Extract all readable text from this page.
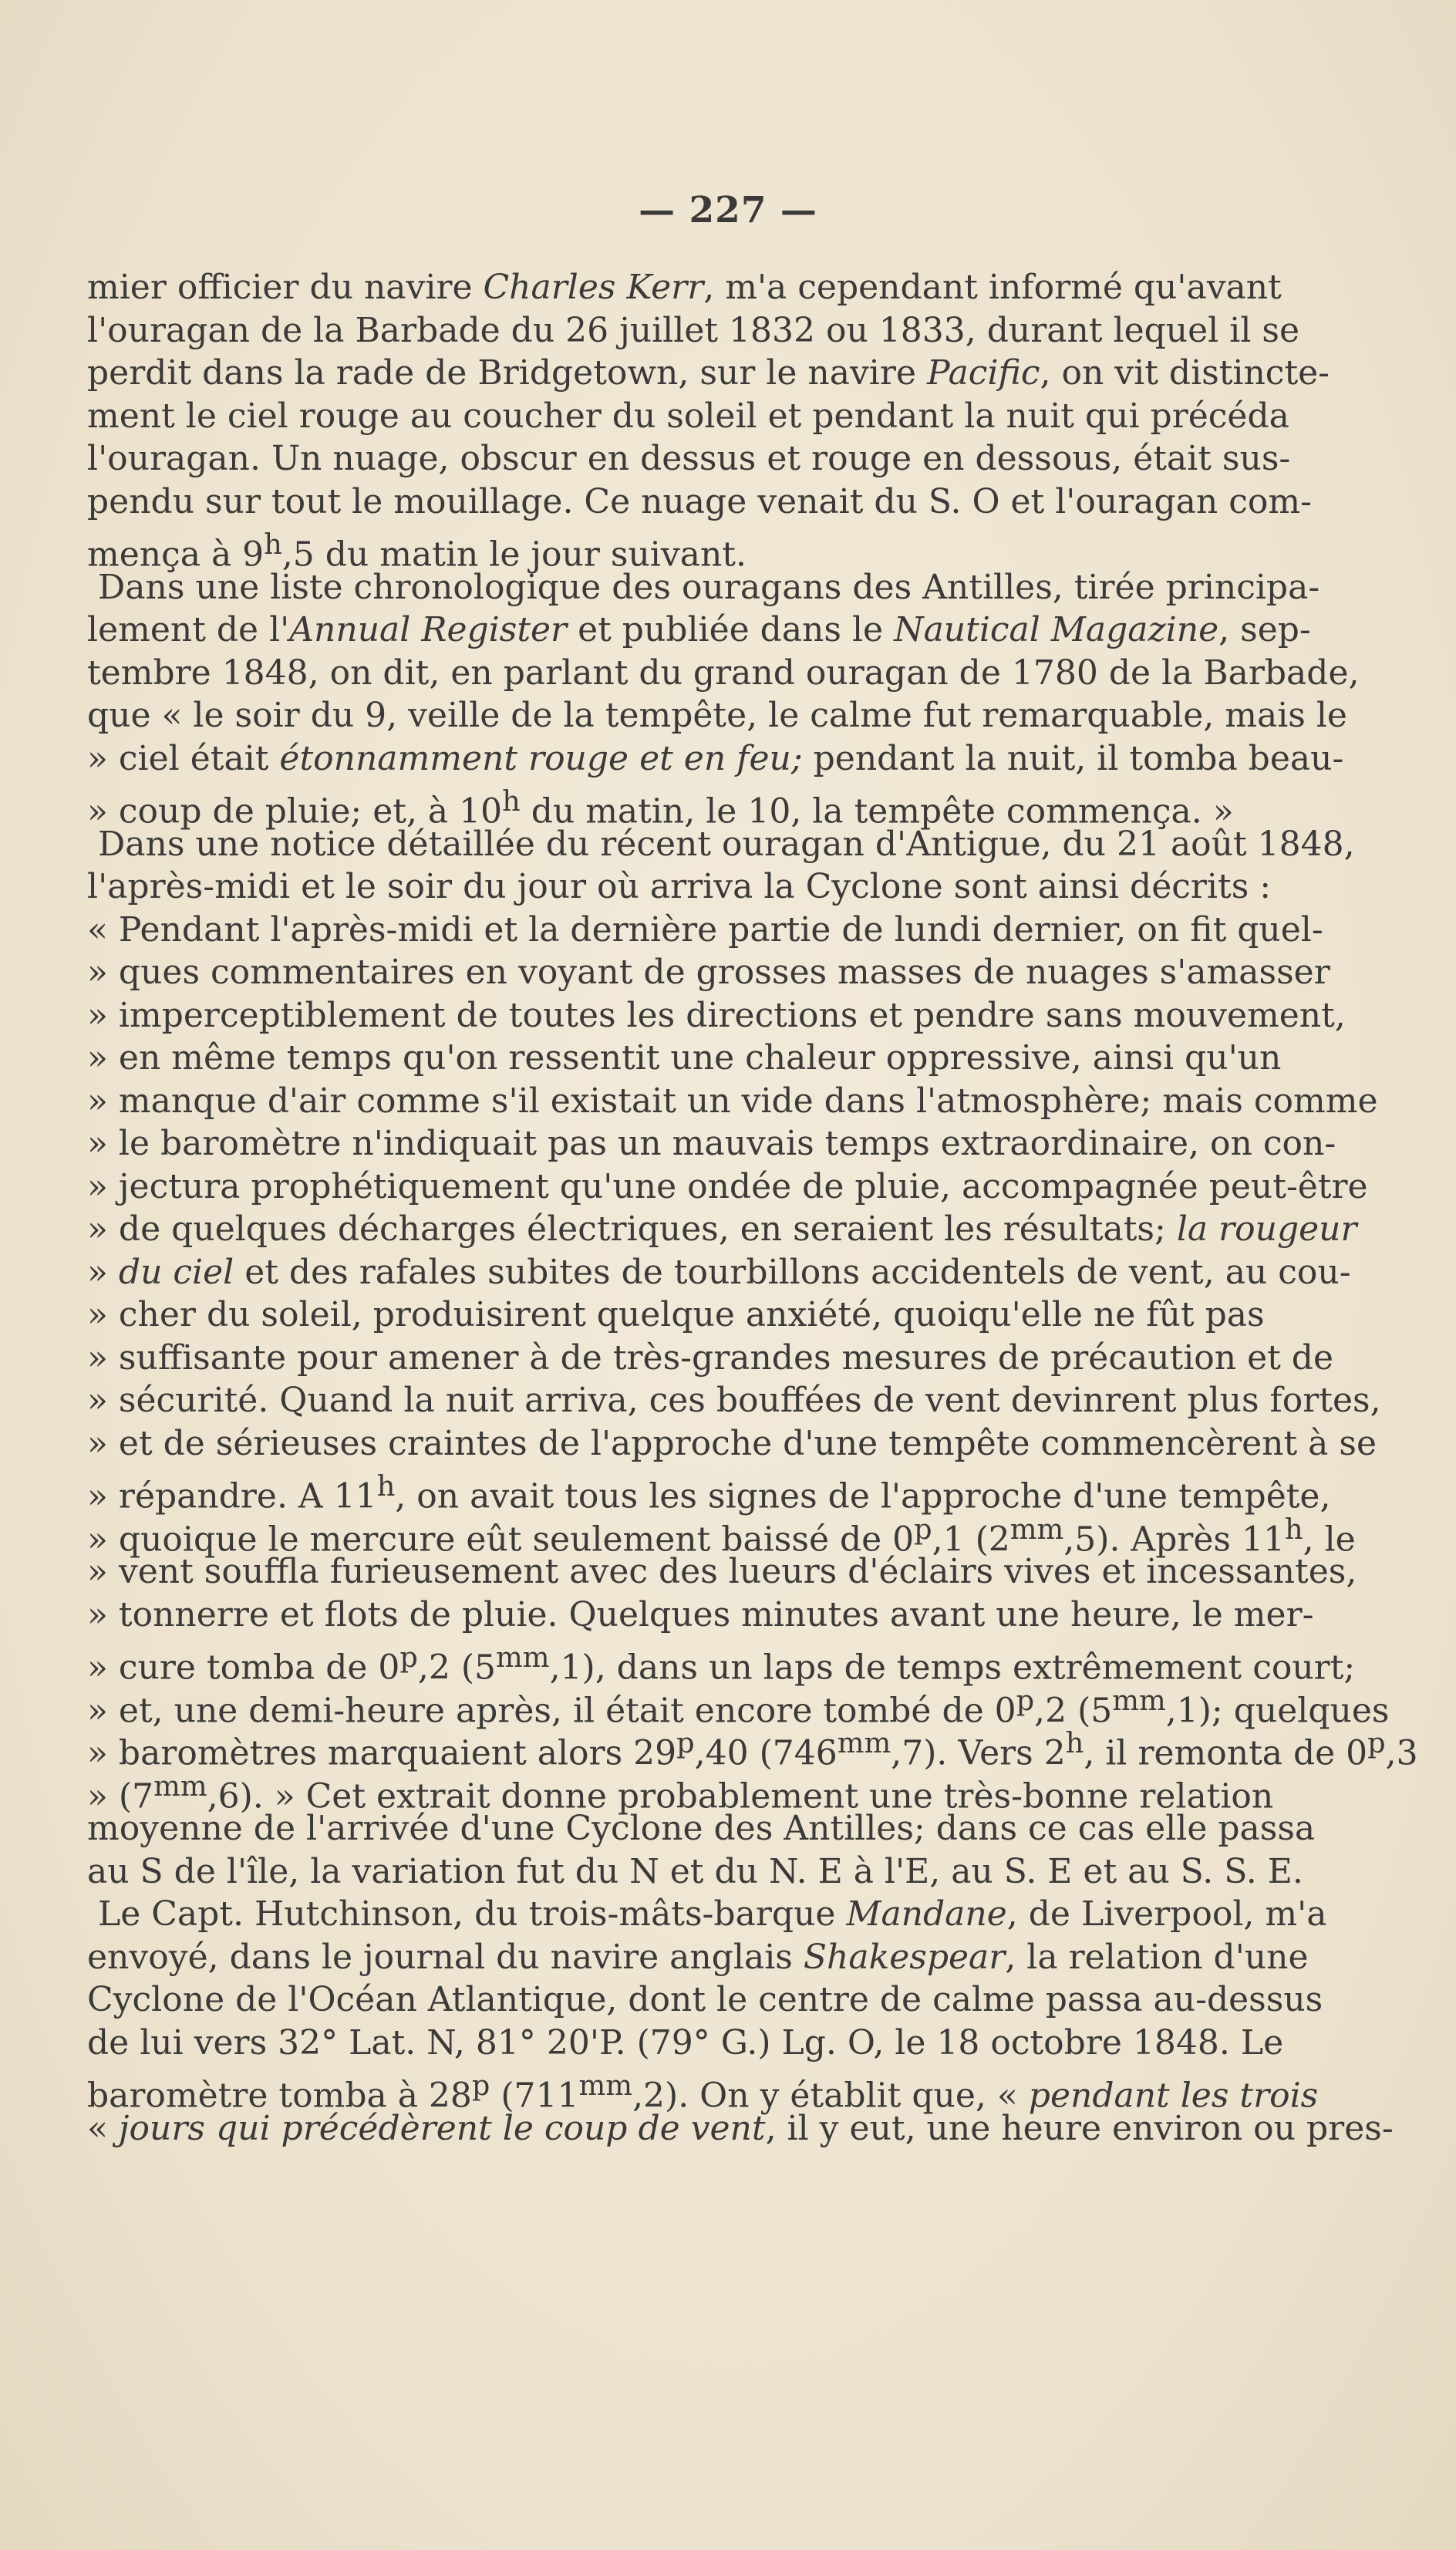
— 227 —
mier officier du navire Charles Kerr, m'a cependant informé qu'avant
l'ouragan de la Barbade du 26 juillet 1832 ou 1833, durant lequel il se
perdit dans la rade de Bridgetown, sur le navire Pacific, on vit distincte-
ment le ciel rouge au coucher du soleil et pendant la nuit qui précéda
l'ouragan. Un nuage, obscur en dessus et rouge en dessous, était sus-
pendu sur tout le mouillage. Ce nuage venait du S. O et l'ouragan com-
mença à 9$^h$,5 du matin le jour suivant.
Dans une liste chronologique des ouragans des Antilles, tirée principa-
lement de l'Annual Register et publiée dans le Nautical Magazine, sep-
tembre 1848, on dit, en parlant du grand ouragan de 1780 de la Barbade,
que « le soir du 9, veille de la tempête, le calme fut remarquable, mais le
» ciel était étonnamment rouge et en feu; pendant la nuit, il tomba beau-
» coup de pluie; et, à 10$^h$ du matin, le 10, la tempête commença. »
Dans une notice détaillée du récent ouragan d'Antigue, du 21 août 1848,
l'après-midi et le soir du jour où arriva la Cyclone sont ainsi décrits :
« Pendant l'après-midi et la dernière partie de lundi dernier, on fit quel-
» ques commentaires en voyant de grosses masses de nuages s'amasser
» imperceptiblement de toutes les directions et pendre sans mouvement,
» en même temps qu'on ressentit une chaleur oppressive, ainsi qu'un
» manque d'air comme s'il existait un vide dans l'atmosphère; mais comme
» le baromètre n'indiquait pas un mauvais temps extraordinaire, on con-
» jectura prophétiquement qu'une ondée de pluie, accompagnée peut-être
» de quelques décharges électriques, en seraient les résultats; la rougeur
» du ciel et des rafales subites de tourbillons accidentels de vent, au cou-
» cher du soleil, produisirent quelque anxiété, quoiqu'elle ne fût pas
» suffisante pour amener à de très-grandes mesures de précaution et de
» sécurité. Quand la nuit arriva, ces bouffées de vent devinrent plus fortes,
» et de sérieuses craintes de l'approche d'une tempête commencèrent à se
» répandre. A 11$^h$, on avait tous les signes de l'approche d'une tempête,
» quoique le mercure eût seulement baissé de 0$^p$,1 $(2^{mm},5)$. Après 11$^h$, le
» vent souffla furieusement avec des lueurs d'éclairs vives et incessantes,
» tonnerre et flots de pluie. Quelques minutes avant une heure, le mer-
» cure tomba de 0$^p$,2 $(5^{mm},1)$, dans un laps de temps extrêmement court;
» et, une demi-heure après, il était encore tombé de 0$^p$,2 $(5^{mm},1)$; quelques
» baromètres marquaient alors 29$^p$,40 $(746^{mm},7)$. Vers 2$^h$, il remonta de 0$^p$,3
» $(7^{mm},6)$. » Cet extrait donne probablement une très-bonne relation
moyenne de l'arrivée d'une Cyclone des Antilles; dans ce cas elle passa
au S de l'île, la variation fut du N et du N. E à l'E, au S. E et au S. S. E.
Le Capt. Hutchinson, du trois-mâts-barque Mandane, de Liverpool, m'a
envoyé, dans le journal du navire anglais Shakespear, la relation d'une
Cyclone de l'Océan Atlantique, dont le centre de calme passa au-dessus
de lui vers 32° Lat. N, 81° 20'P. (79° G.) Lg. O, le 18 octobre 1848. Le
baromètre tomba à 28$^p$ $(711^{mm},2)$. On y établit que, « pendant les trois
« jours qui précédèrent le coup de vent, il y eut, une heure environ ou pres-
